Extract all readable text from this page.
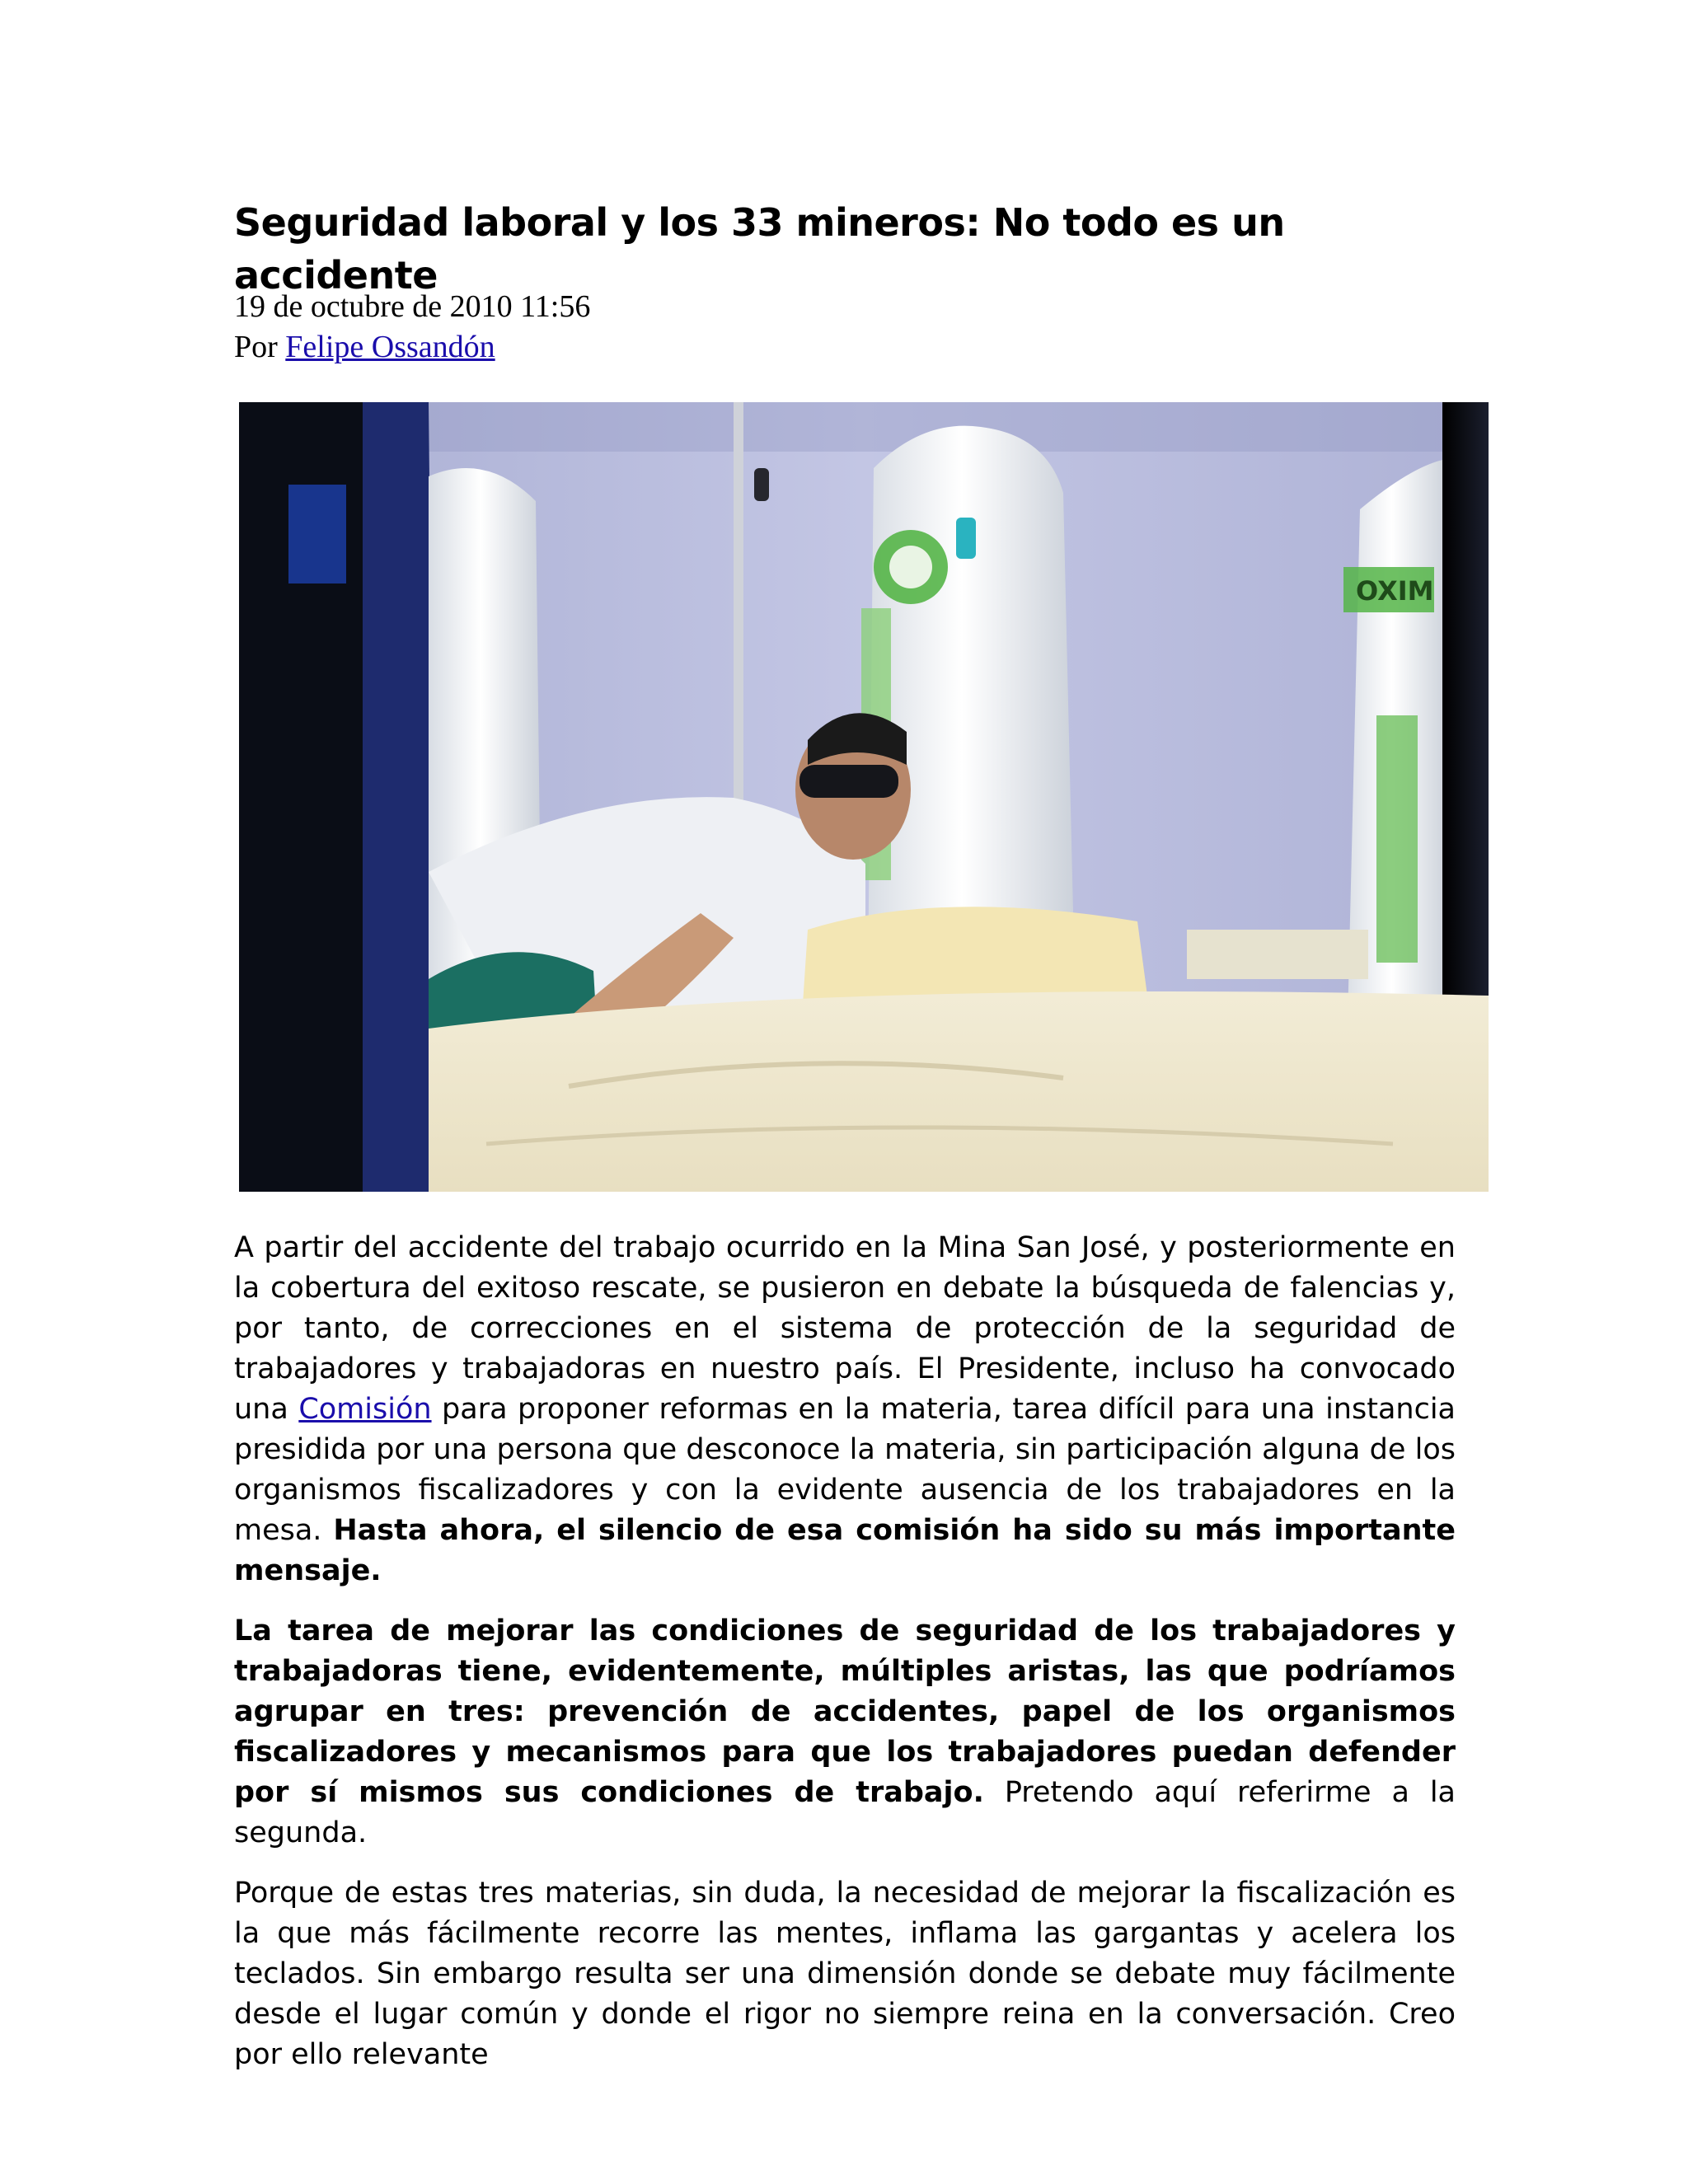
Seguridad laboral y los 33 mineros: No todo es un accidente
19 de octubre de 2010 11:56
Por Felipe Ossandón
OXIM

A partir del accidente del trabajo ocurrido en la Mina San José, y posteriormente en la cobertura del exitoso rescate, se pusieron en debate la búsqueda de falencias y, por tanto, de correcciones en el sistema de protección de la seguridad de trabajadores y trabajadoras en nuestro país. El Presidente, incluso ha convocado una Comisión para proponer reformas en la materia, tarea difícil para una instancia presidida por una persona que desconoce la materia, sin participación alguna de los organismos fiscalizadores y con la evidente ausencia de los trabajadores en la mesa. Hasta ahora, el silencio de esa comisión ha sido su más importante mensaje.

La tarea de mejorar las condiciones de seguridad de los trabajadores y trabajadoras tiene, evidentemente, múltiples aristas, las que podríamos agrupar en tres: prevención de accidentes, papel de los organismos fiscalizadores y mecanismos para que los trabajadores puedan defender por sí mismos sus condiciones de trabajo. Pretendo aquí referirme a la segunda.

Porque de estas tres materias, sin duda, la necesidad de mejorar la fiscalización es la que más fácilmente recorre las mentes, inflama las gargantas y acelera los teclados. Sin embargo resulta ser una dimensión donde se debate muy fácilmente desde el lugar común y donde el rigor no siempre reina en la conversación. Creo por ello relevante
